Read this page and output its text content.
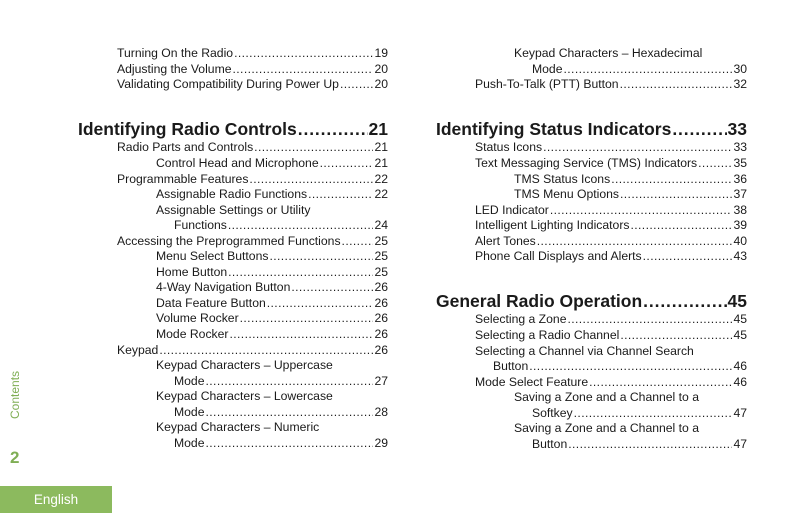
Contents
2
English
Turning On the Radio . . .	19
Adjusting the Volume . . .	20
Validating Compatibility During Power Up . . .	20
Identifying Radio Controls . . .	21
Radio Parts and Controls . . .	21
Control Head and Microphone . . .	21
Programmable Features . . .	22
Assignable Radio Functions . . .	22
Assignable Settings or Utility
Functions . . .	24
Accessing the Preprogrammed Functions . . .	25
Menu Select Buttons . . .	25
Home Button . . .	25
4-Way Navigation Button . . .	26
Data Feature Button . . .	26
Volume Rocker . . .	26
Mode Rocker . . .	26
Keypad . . .	26
Keypad Characters – Uppercase
Mode . . .	27
Keypad Characters – Lowercase
Mode . . .	28
Keypad Characters – Numeric
Mode . . .	29
Keypad Characters – Hexadecimal
Mode . . .	30
Push-To-Talk (PTT) Button . . .	32
Identifying Status Indicators . . .	33
Status Icons . . .	33
Text Messaging Service (TMS) Indicators . . .	35
TMS Status Icons . . .	36
TMS Menu Options . . .	37
LED Indicator . . .	38
Intelligent Lighting Indicators . . .	39
Alert Tones . . .	40
Phone Call Displays and Alerts . . .	43
General Radio Operation . . .	45
Selecting a Zone . . .	45
Selecting a Radio Channel . . .	45
Selecting a Channel via Channel Search
Button . . .	46
Mode Select Feature . . .	46
Saving a Zone and a Channel to a
Softkey . . .	47
Saving a Zone and a Channel to a
Button . . .	47
